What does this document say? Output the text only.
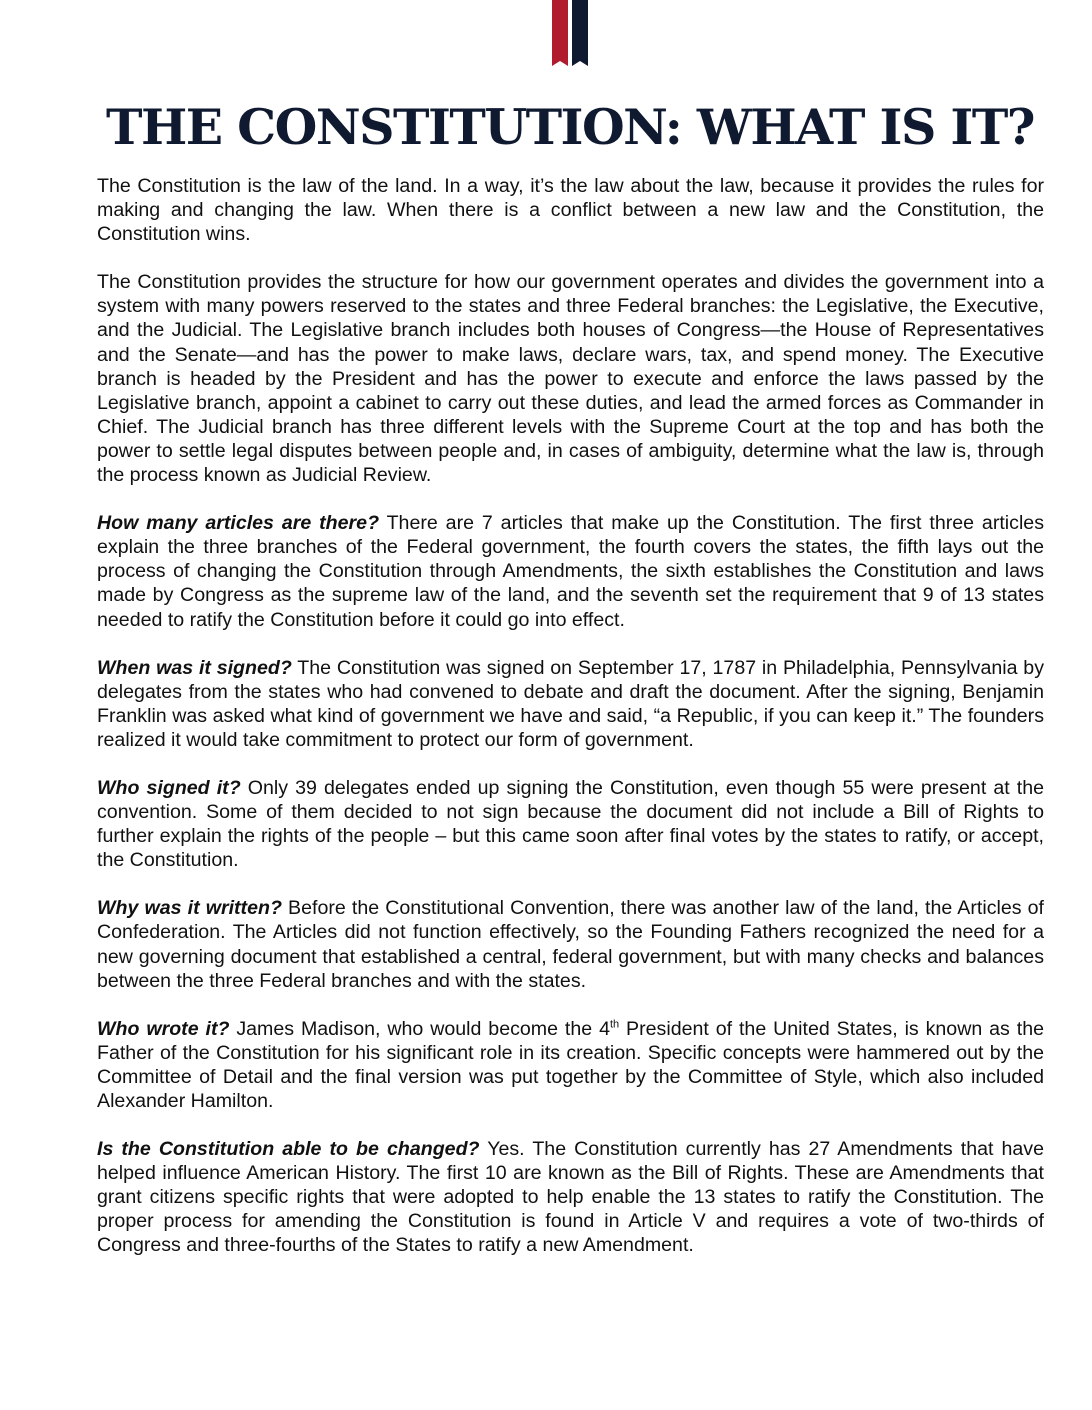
THE CONSTITUTION: WHAT IS IT?

The Constitution is the law of the land. In a way, it’s the law about the law, because it provides the rules for making and changing the law. When there is a conflict between a new law and the Constitution, the Constitution wins.

The Constitution provides the structure for how our government operates and divides the government into a system with many powers reserved to the states and three Federal branches: the Legislative, the Executive, and the Judicial. The Legislative branch includes both houses of Congress—the House of Representatives and the Senate—and has the power to make laws, declare wars, tax, and spend money. The Executive branch is headed by the President and has the power to execute and enforce the laws passed by the Legislative branch, appoint a cabinet to carry out these duties, and lead the armed forces as Commander in Chief. The Judicial branch has three different levels with the Supreme Court at the top and has both the power to settle legal disputes between people and, in cases of ambiguity, determine what the law is, through the process known as Judicial Review.

How many articles are there? There are 7 articles that make up the Constitution. The first three articles explain the three branches of the Federal government, the fourth covers the states, the fifth lays out the process of changing the Constitution through Amendments, the sixth establishes the Constitution and laws made by Congress as the supreme law of the land, and the seventh set the requirement that 9 of 13 states needed to ratify the Constitution before it could go into effect.

When was it signed? The Constitution was signed on September 17, 1787 in Philadelphia, Pennsylvania by delegates from the states who had convened to debate and draft the document. After the signing, Benjamin Franklin was asked what kind of government we have and said, “a Republic, if you can keep it.” The founders realized it would take commitment to protect our form of government.

Who signed it? Only 39 delegates ended up signing the Constitution, even though 55 were present at the convention. Some of them decided to not sign because the document did not include a Bill of Rights to further explain the rights of the people – but this came soon after final votes by the states to ratify, or accept, the Constitution.

Why was it written? Before the Constitutional Convention, there was another law of the land, the Articles of Confederation. The Articles did not function effectively, so the Founding Fathers recognized the need for a new governing document that established a central, federal government, but with many checks and balances between the three Federal branches and with the states.

Who wrote it? James Madison, who would become the 4th President of the United States, is known as the Father of the Constitution for his significant role in its creation. Specific concepts were hammered out by the Committee of Detail and the final version was put together by the Committee of Style, which also included Alexander Hamilton.

Is the Constitution able to be changed? Yes. The Constitution currently has 27 Amendments that have helped influence American History. The first 10 are known as the Bill of Rights. These are Amendments that grant citizens specific rights that were adopted to help enable the 13 states to ratify the Constitution. The proper process for amending the Constitution is found in Article V and requires a vote of two-thirds of Congress and three-fourths of the States to ratify a new Amendment.
